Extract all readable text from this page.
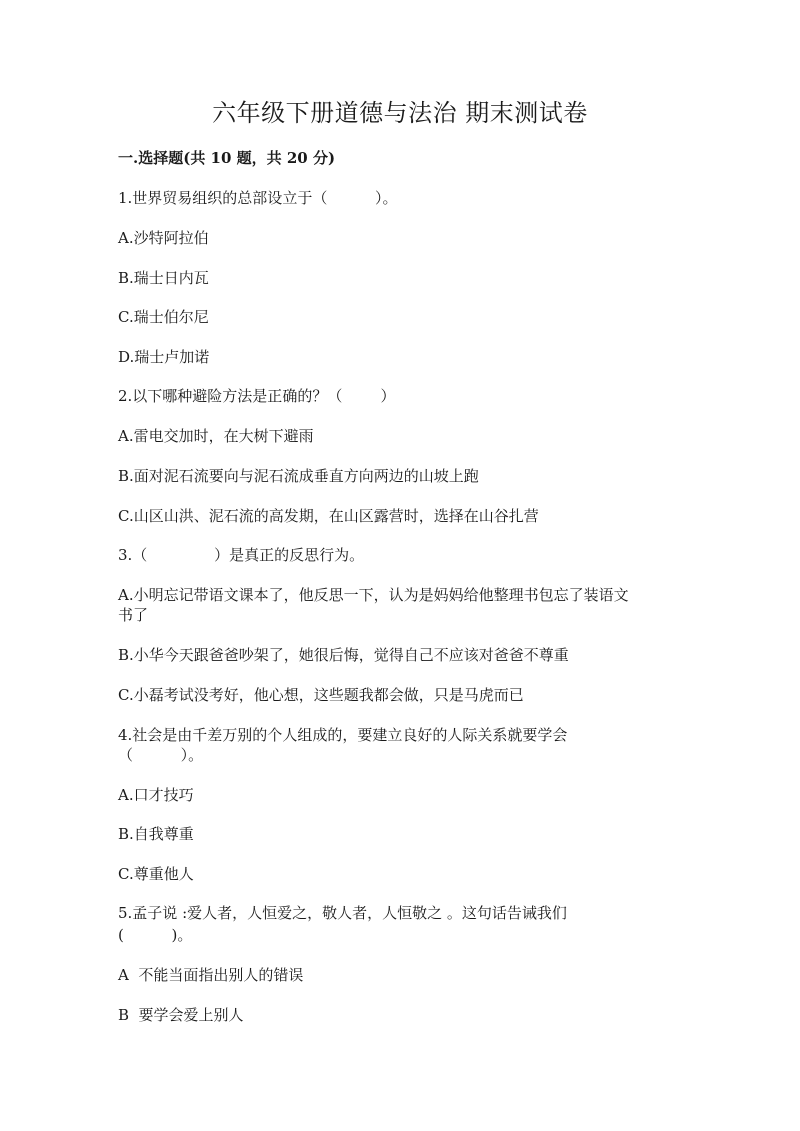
六年级下册道德与法治 期末测试卷

一.选择题(共 10 题，共 20 分)

1.世界贸易组织的总部设立于（          ）。

A.沙特阿拉伯

B.瑞士日内瓦

C.瑞士伯尔尼

D.瑞士卢加诺

2.以下哪种避险方法是正确的？（        ）

A.雷电交加时，在大树下避雨

B.面对泥石流要向与泥石流成垂直方向两边的山坡上跑

C.山区山洪、泥石流的高发期，在山区露营时，选择在山谷扎营

3.（              ）是真正的反思行为。

A.小明忘记带语文课本了，他反思一下，认为是妈妈给他整理书包忘了装语文

书了

B.小华今天跟爸爸吵架了，她很后悔，觉得自己不应该对爸爸不尊重

C.小磊考试没考好，他心想，这些题我都会做，只是马虎而已

4.社会是由千差万别的个人组成的，要建立良好的人际关系就要学会

（          ）。

A.口才技巧

B.自我尊重

C.尊重他人

5.孟子说 :爱人者，人恒爱之，敬人者，人恒敬之 。这句话告诫我们

(          )。

A  不能当面指出别人的错误

B  要学会爱上别人
